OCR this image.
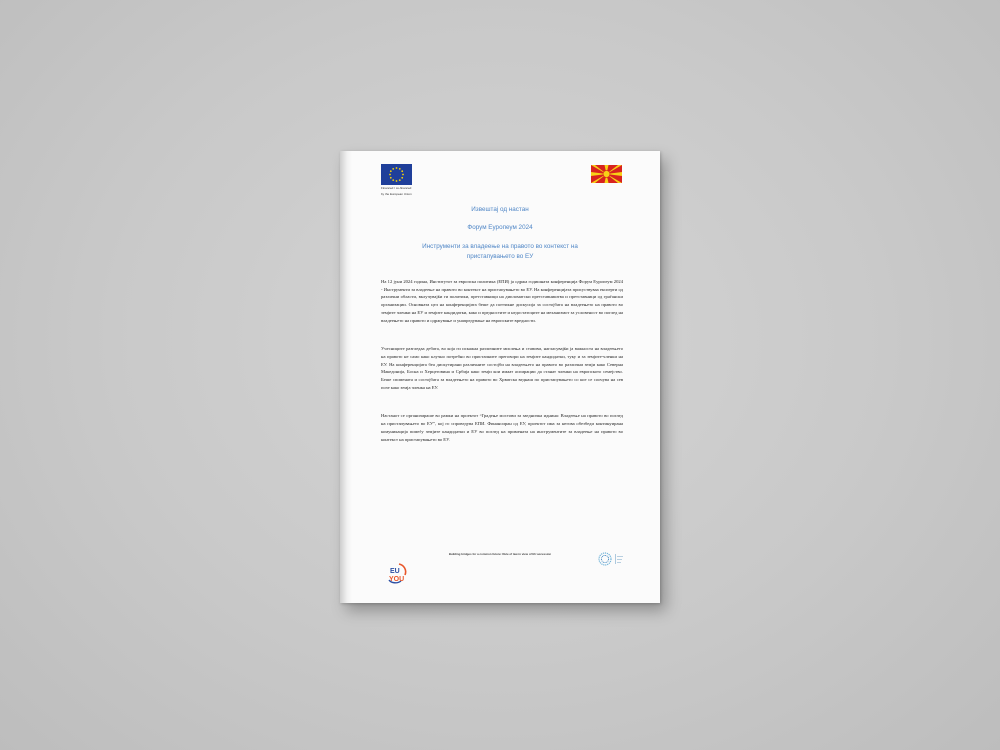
Financed / co-financed
by the European Union
Извештај од настан
Форум Еуропеум 2024
Инструменти за владеење на правото во контекст на пристапувањето во ЕУ

На 12 јуни 2024 година, Институтот за европска политика (ЕПИ) ја одржа годишната конференција Форум Еуропеум 2024 - Инструменти за владеење на правото во контекст на пристапувањето во ЕУ. На конференцијата присуствуваа експерти од различни области, вклучувајќи ги политики, претставници на дипломатски претставништва и претставници од граѓански организации. Основната цел на конференцијата беше да поттикне дискусија за состојбата на владеењето на правото во земјите членки на ЕУ и земјите кандидатки, како и предностите и недостатоците на механизмот за условеност во поглед на владеењето на правото и одржување и унапредување на европските вредности.

Учесниците разгледаа дебата, во која ги искажаа различните мислења и ставови, нагласувајќи ја важноста на владеењето на правото не само како клучно потребно во пристапните преговори на земјите кандидатки, туку и за земјите-членки на ЕУ. На конференцијата беа дискутирани различните состојби на владеењето на правото во различни земји како Северна Македонија, Босна и Херцеговина и Србија како земји кои имаат аспирации да станат членки на европското семејство. Беше спомената и состојбата за владеењето на правото во Хрватска веднаш по пристапувањето со кое се соочува на сев позе како земја членка на ЕУ.

Настанот се организираше во рамки на проектот “Градење мостови за заедничка иднина: Владеење на правото во поглед на пристапувањето во ЕУ”, кој го спроведува ЕПИ. Финансиран од ЕУ, проектот има за негова обезбеди континуирана комуникација помеѓу земјите кандидатки и ЕУ во поглед на примената на инструментите за владеење на правото во контекст на пристапувањето во ЕУ.

Building bridges for a common future: Rule of law in view of EU accession
EU
YOU
